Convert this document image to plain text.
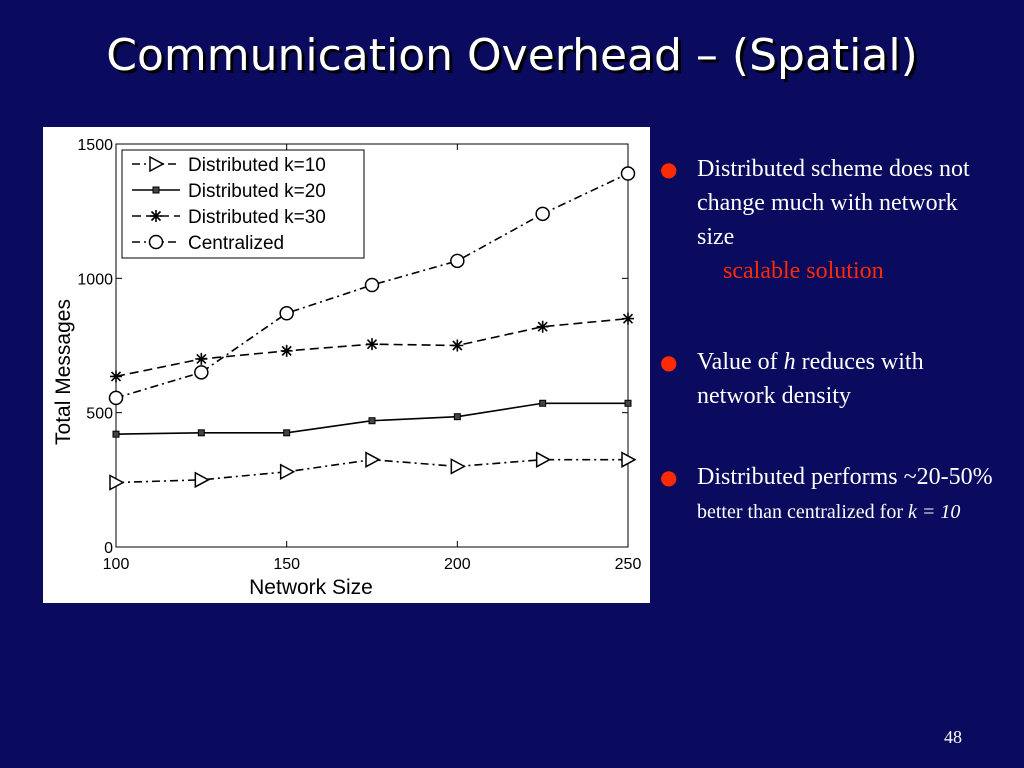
Communication Overhead – (Spatial)
0
500
1000
1500
100	150	200	250
Distributed k=10
Distributed k=20
Distributed k=30
Centralized
Network Size
Total Messages
● Distributed scheme does not change much with network size
scalable solution
● Value of h reduces with network density
● Distributed performs ~20-50% better than centralized for k = 10
48
